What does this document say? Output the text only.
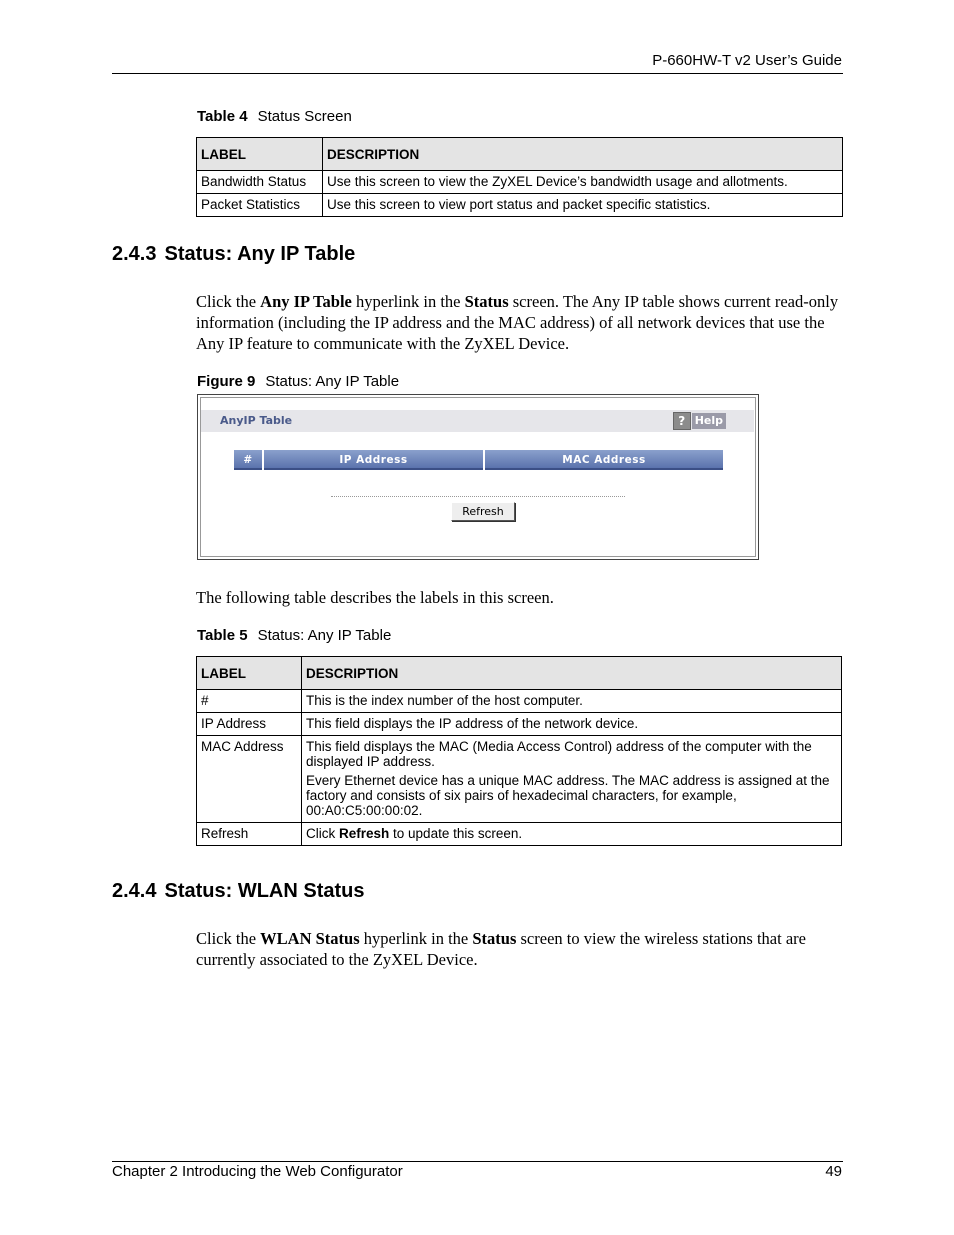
P-660HW-T v2 User’s Guide
Table 4 Status Screen
LABEL	DESCRIPTION
Bandwidth Status	Use this screen to view the ZyXEL Device’s bandwidth usage and allotments.
Packet Statistics	Use this screen to view port status and packet specific statistics.
2.4.3 Status: Any IP Table
Click the Any IP Table hyperlink in the Status screen. The Any IP table shows current read-only information (including the IP address and the MAC address) of all network devices that use the Any IP feature to communicate with the ZyXEL Device.
Figure 9 Status: Any IP Table
AnyIP Table	? Help
#	IP Address	MAC Address
Refresh
The following table describes the labels in this screen.
Table 5 Status: Any IP Table
LABEL	DESCRIPTION
#	This is the index number of the host computer.
IP Address	This field displays the IP address of the network device.
MAC Address	This field displays the MAC (Media Access Control) address of the computer with the displayed IP address.

Every Ethernet device has a unique MAC address. The MAC address is assigned at the factory and consists of six pairs of hexadecimal characters, for example, 00:A0:C5:00:00:02.

Refresh	Click Refresh to update this screen.
2.4.4 Status: WLAN Status
Click the WLAN Status hyperlink in the Status screen to view the wireless stations that are currently associated to the ZyXEL Device.
Chapter 2 Introducing the Web Configurator	49
